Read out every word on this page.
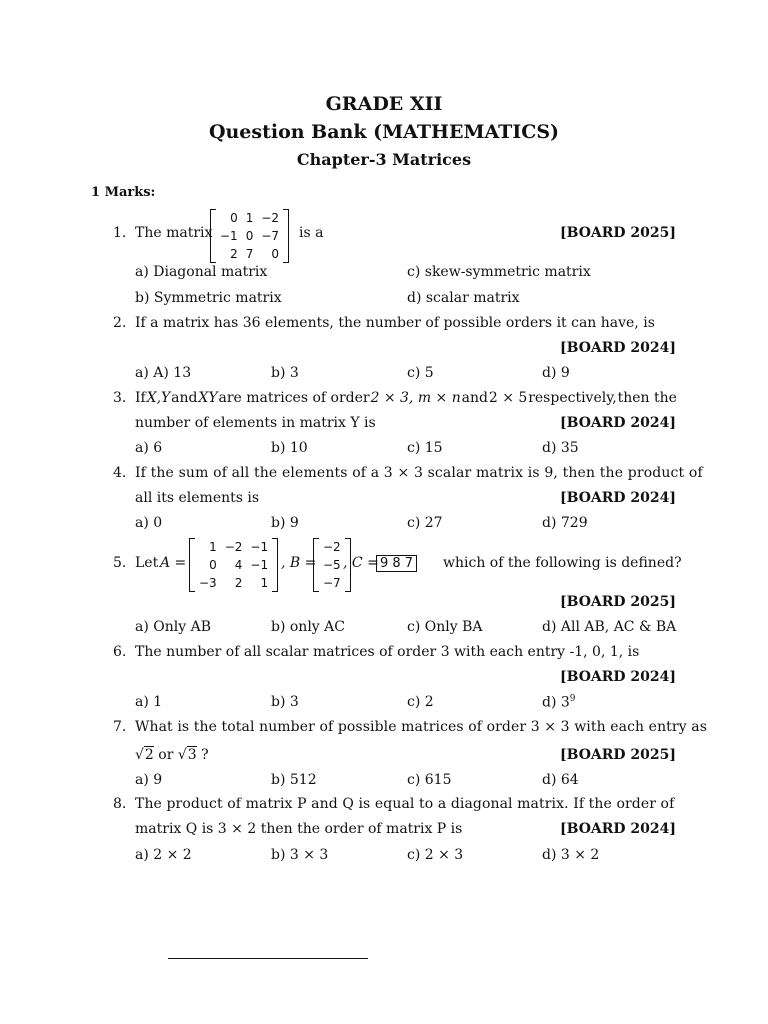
GRADE XII
Question Bank (MATHEMATICS)
Chapter-3 Matrices
1 Marks:
1. The matrix
0	1	−2
−1	0	−7
2	7	0
is a	[BOARD 2025]
a) Diagonal matrix	c) skew-symmetric matrix
b) Symmetric matrix	d) scalar matrix
2. If a matrix has 36 elements, the number of possible orders it can have, is
[BOARD 2024]
a) A) 13	b) 3	c) 5	d) 9
3. If X,Y and XY are matrices of order 2 × 3, m × n and 2 × 5 respectively, then the
number of elements in matrix Y is	[BOARD 2024]
a) 6	b) 10	c) 15	d) 35
4. If the sum of all the elements of a 3 × 3 scalar matrix is 9, then the product of
all its elements is	[BOARD 2024]
a) 0	b) 9	c) 27	d) 729
5. Let A =
1	−2	−1
0	4	−1
−3	2	1
, B =
−2
−5
−7
, C = 9 8 7 which of the following is defined?
[BOARD 2025]
a) Only AB	b) only AC	c) Only BA	d) All AB, AC & BA
6. The number of all scalar matrices of order 3 with each entry -1, 0, 1, is
[BOARD 2024]
a) 1	b) 3	c) 2	d) $3^9$
7. What is the total number of possible matrices of order 3 × 3 with each entry as
√2 or √3 ?	[BOARD 2025]
a) 9	b) 512	c) 615	d) 64
8. The product of matrix P and Q is equal to a diagonal matrix. If the order of
matrix Q is 3 × 2 then the order of matrix P is	[BOARD 2024]
a) 2 × 2	b) 3 × 3	c) 2 × 3	d) 3 × 2
